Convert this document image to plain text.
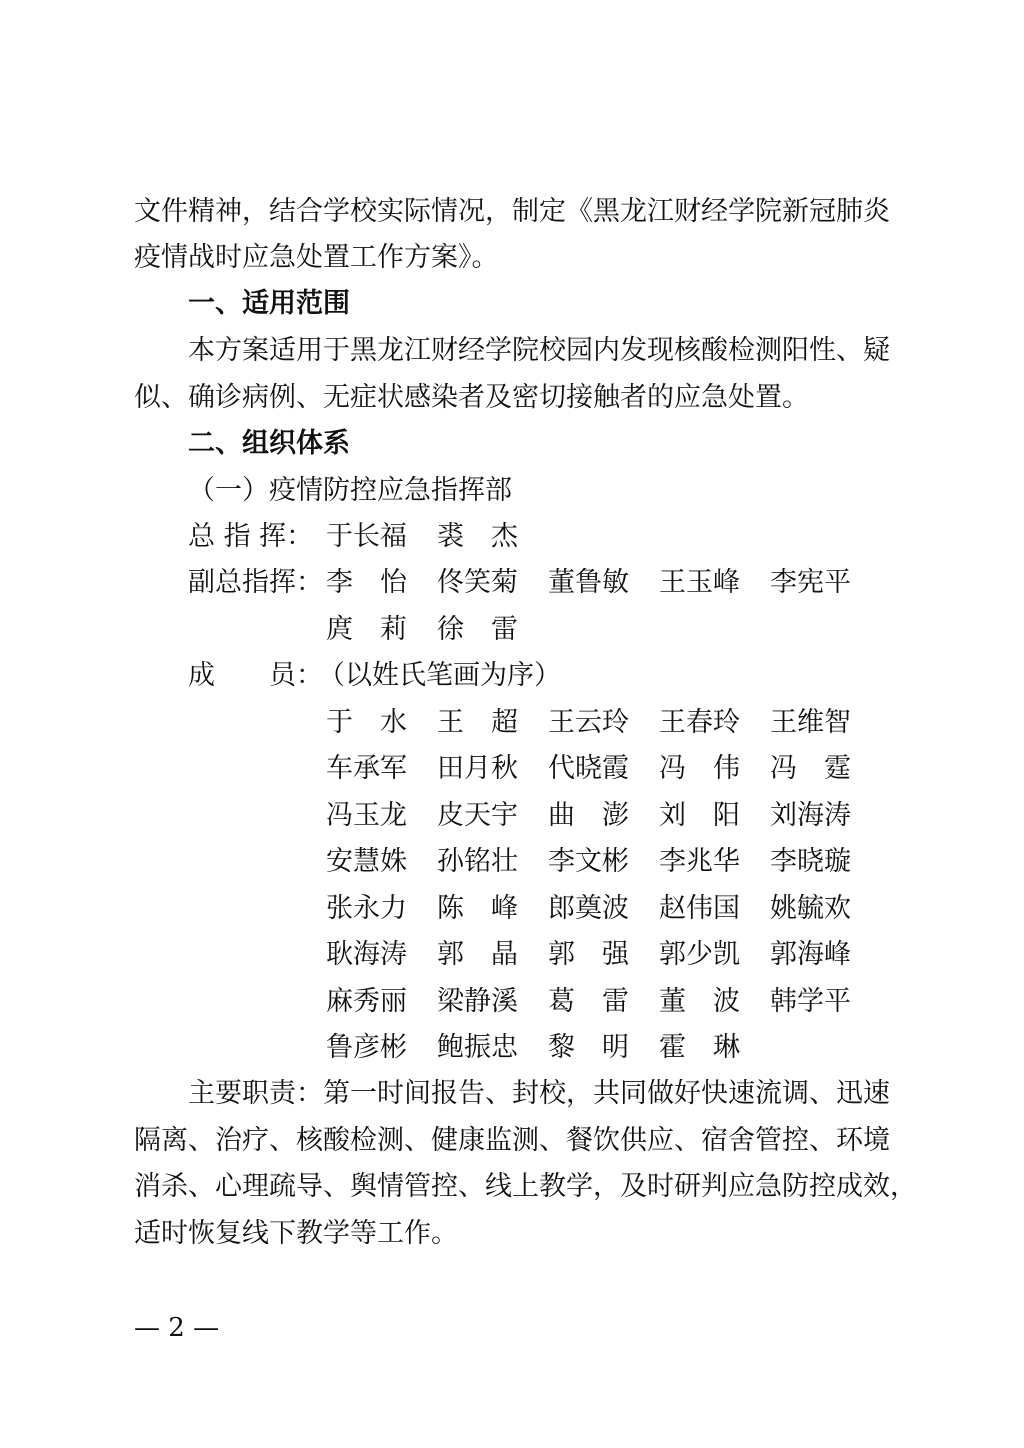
文件精神，结合学校实际情况，制定《黑龙江财经学院新冠肺炎
疫情战时应急处置工作方案》。
一、适用范围
本方案适用于黑龙江财经学院校园内发现核酸检测阳性、疑
似、确诊病例、无症状感染者及密切接触者的应急处置。
二、组织体系
（一）疫情防控应急指挥部
总 指 挥： 于长福 裘　杰
副总指挥： 李　怡 佟笑菊 董鲁敏 王玉峰 李宪平
庹　莉 徐　雷
成　　员：
（以姓氏笔画为序）
于　水 王　超 王云玲 王春玲 王维智
车承军 田月秋 代晓霞 冯　伟 冯　霆
冯玉龙 皮天宇 曲　澎 刘　阳 刘海涛
安慧姝 孙铭壮 李文彬 李兆华 李晓璇
张永力 陈　峰 郎奠波 赵伟国 姚毓欢
耿海涛 郭　晶 郭　强 郭少凯 郭海峰
麻秀丽 梁静溪 葛　雷 董　波 韩学平
鲁彦彬 鲍振忠 黎　明 霍　琳
主要职责：第一时间报告、封校，共同做好快速流调、迅速
隔离、治疗、核酸检测、健康监测、餐饮供应、宿舍管控、环境
消杀、心理疏导、舆情管控、线上教学，及时研判应急防控成效，
适时恢复线下教学等工作。
— 2 —
